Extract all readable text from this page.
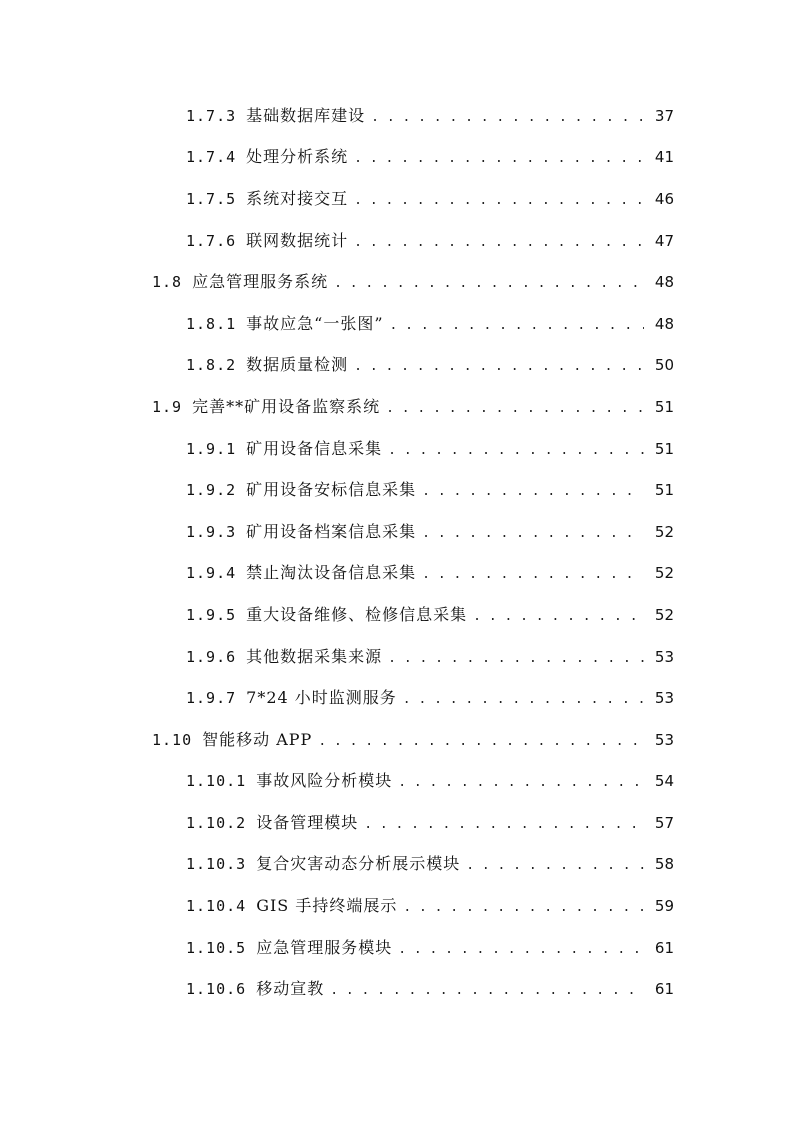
1.7.3 基础数据库建设 . . .	37
1.7.4 处理分析系统 . . .	41
1.7.5 系统对接交互 . . .	46
1.7.6 联网数据统计 . . .	47
1.8 应急管理服务系统 . . .	48
1.8.1 事故应急“一张图” . . .	48
1.8.2 数据质量检测 . . .	50
1.9 完善**矿用设备监察系统 . . .	51
1.9.1 矿用设备信息采集 . . .	51
1.9.2 矿用设备安标信息采集 . . .	51
1.9.3 矿用设备档案信息采集 . . .	52
1.9.4 禁止淘汰设备信息采集 . . .	52
1.9.5 重大设备维修、检修信息采集 . . .	52
1.9.6 其他数据采集来源 . . .	53
1.9.7 7*24 小时监测服务 . . .	53
1.10 智能移动 APP . . .	53
1.10.1 事故风险分析模块 . . .	54
1.10.2 设备管理模块 . . .	57
1.10.3 复合灾害动态分析展示模块 . . .	58
1.10.4 GIS 手持终端展示 . . .	59
1.10.5 应急管理服务模块 . . .	61
1.10.6 移动宣教 . . .	61
